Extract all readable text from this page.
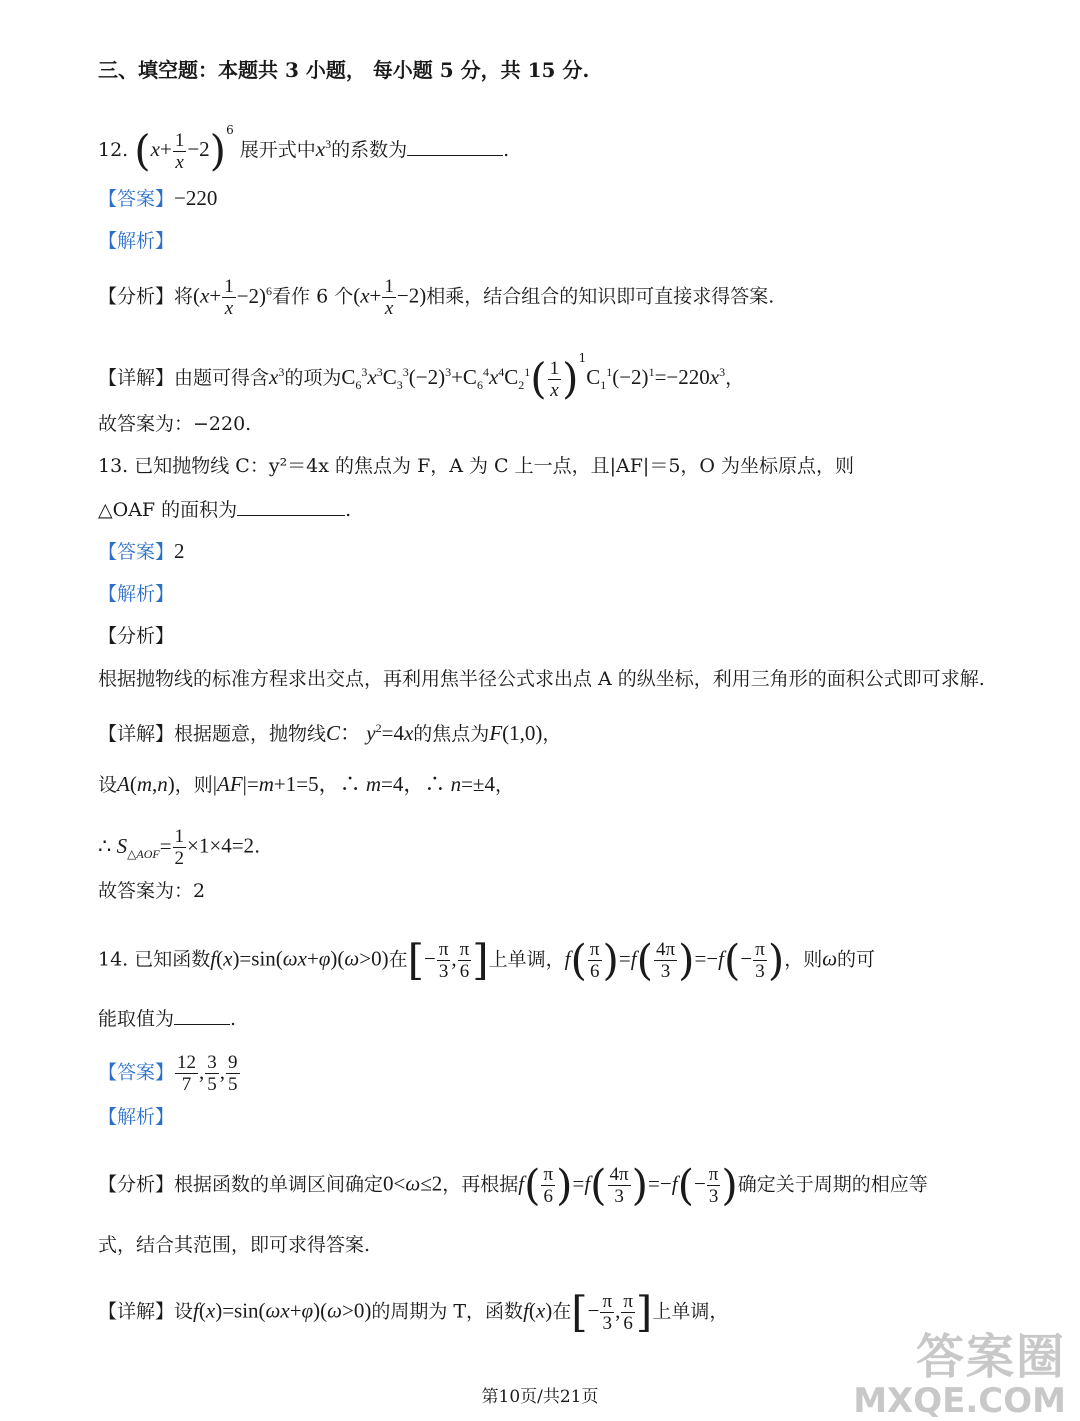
三、填空题：本题共 3 小题， 每小题 5 分，共 15 分.
12. $(x+ \frac{1}{x} -2)^6$ 展开式中$x^3$的系数为	.
【答案】−220
【解析】
【分析】将$(x+ \frac{1}{x} -2)^6$看作 6 个$(x+ \frac{1}{x} -2)$相乘，结合组合的知识即可直接求得答案.
【详解】由题可得含$x^3$的项为$C_6^3x^3C_3^3(-2)^3+C_6^4x^4C_2^1( \frac{1}{x} )^1C_1^1(-2)^1=-220x^3$，
故答案为：−220.
13. 已知抛物线 C：y²＝4x 的焦点为 F，A 为 C 上一点，且|AF|＝5，O 为坐标原点，则
△OAF 的面积为	.
【答案】2
【解析】
【分析】
根据抛物线的标准方程求出交点，再利用焦半径公式求出点 A 的纵坐标，利用三角形的面积公式即可求解.
【详解】根据题意，抛物线C： $y^2=4x$的焦点为F(1,0)，
设A(m,n)，则|AF|=m+1=5，∴ m=4，∴ n=±4，
∴ $S_{\triangle AOF}= \frac{1}{2} \times 1\times 4=2$.
故答案为：2
14. 已知函数f(x)=sin(ωx+φ)(ω>0)在[− $\frac{\pi}{3}$ , $\frac{\pi}{6}$ ]上单调，$f( \frac{\pi}{6} )=f( \frac{4\pi}{3} )=-f(- \frac{\pi}{3}$ )，则ω的可
能取值为	.
【答案】 $\frac{12}{7}$ , $\frac{3}{5}$ , $\frac{9}{5}$
【解析】
【分析】根据函数的单调区间确定0<ω≤2，再根据$f( \frac{\pi}{6} )=f( \frac{4\pi}{3} )=-f(- \frac{\pi}{3}$ )确定关于周期的相应等
式，结合其范围，即可求得答案.
【详解】设f(x)=sin(ωx+φ)(ω>0)的周期为 T，函数f(x)在[− $\frac{\pi}{3}$ , $\frac{\pi}{6}$ ]上单调，
第10页/共21页
答案圈
MXQE.COM
